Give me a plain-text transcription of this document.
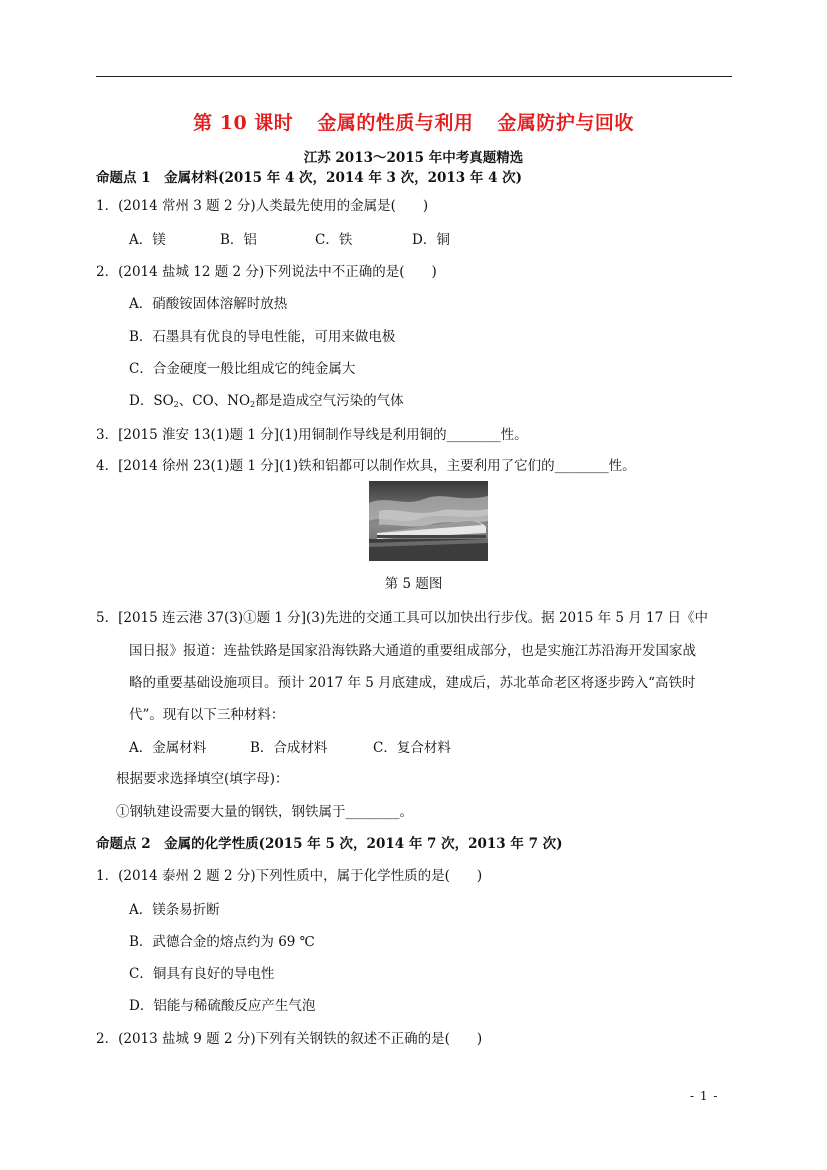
第 10 课时 金属的性质与利用 金属防护与回收
江苏 2013～2015 年中考真题精选
命题点 1　金属材料(2015 年 4 次，2014 年 3 次，2013 年 4 次)
1．(2014 常州 3 题 2 分)人类最先使用的金属是(　　)
A．镁	B．铝	C．铁	D．铜
2．(2014 盐城 12 题 2 分)下列说法中不正确的是(　　)
A．硝酸铵固体溶解时放热
B．石墨具有优良的导电性能，可用来做电极
C．合金硬度一般比组成它的纯金属大
D．$SO_2$、CO、$NO_2$都是造成空气污染的气体
3．[2015 淮安 13(1)题 1 分](1)用铜制作导线是利用铜的________性。
4．[2014 徐州 23(1)题 1 分](1)铁和铝都可以制作炊具，主要利用了它们的________性。
第 5 题图
5．[2015 连云港 37(3)①题 1 分](3)先进的交通工具可以加快出行步伐。据 2015 年 5 月 17 日《中
国日报》报道：连盐铁路是国家沿海铁路大通道的重要组成部分，也是实施江苏沿海开发国家战
略的重要基础设施项目。预计 2017 年 5 月底建成，建成后，苏北革命老区将逐步跨入“高铁时
代”。现有以下三种材料：
A．金属材料	B．合成材料	C．复合材料
根据要求选择填空(填字母)：
①钢轨建设需要大量的钢铁，钢铁属于________。
命题点 2　金属的化学性质(2015 年 5 次，2014 年 7 次，2013 年 7 次)
1．(2014 泰州 2 题 2 分)下列性质中，属于化学性质的是(　　)
A．镁条易折断
B．武德合金的熔点约为 69 ℃
C．铜具有良好的导电性
D．铝能与稀硫酸反应产生气泡
2．(2013 盐城 9 题 2 分)下列有关钢铁的叙述不正确的是(　　)
- 1 -
